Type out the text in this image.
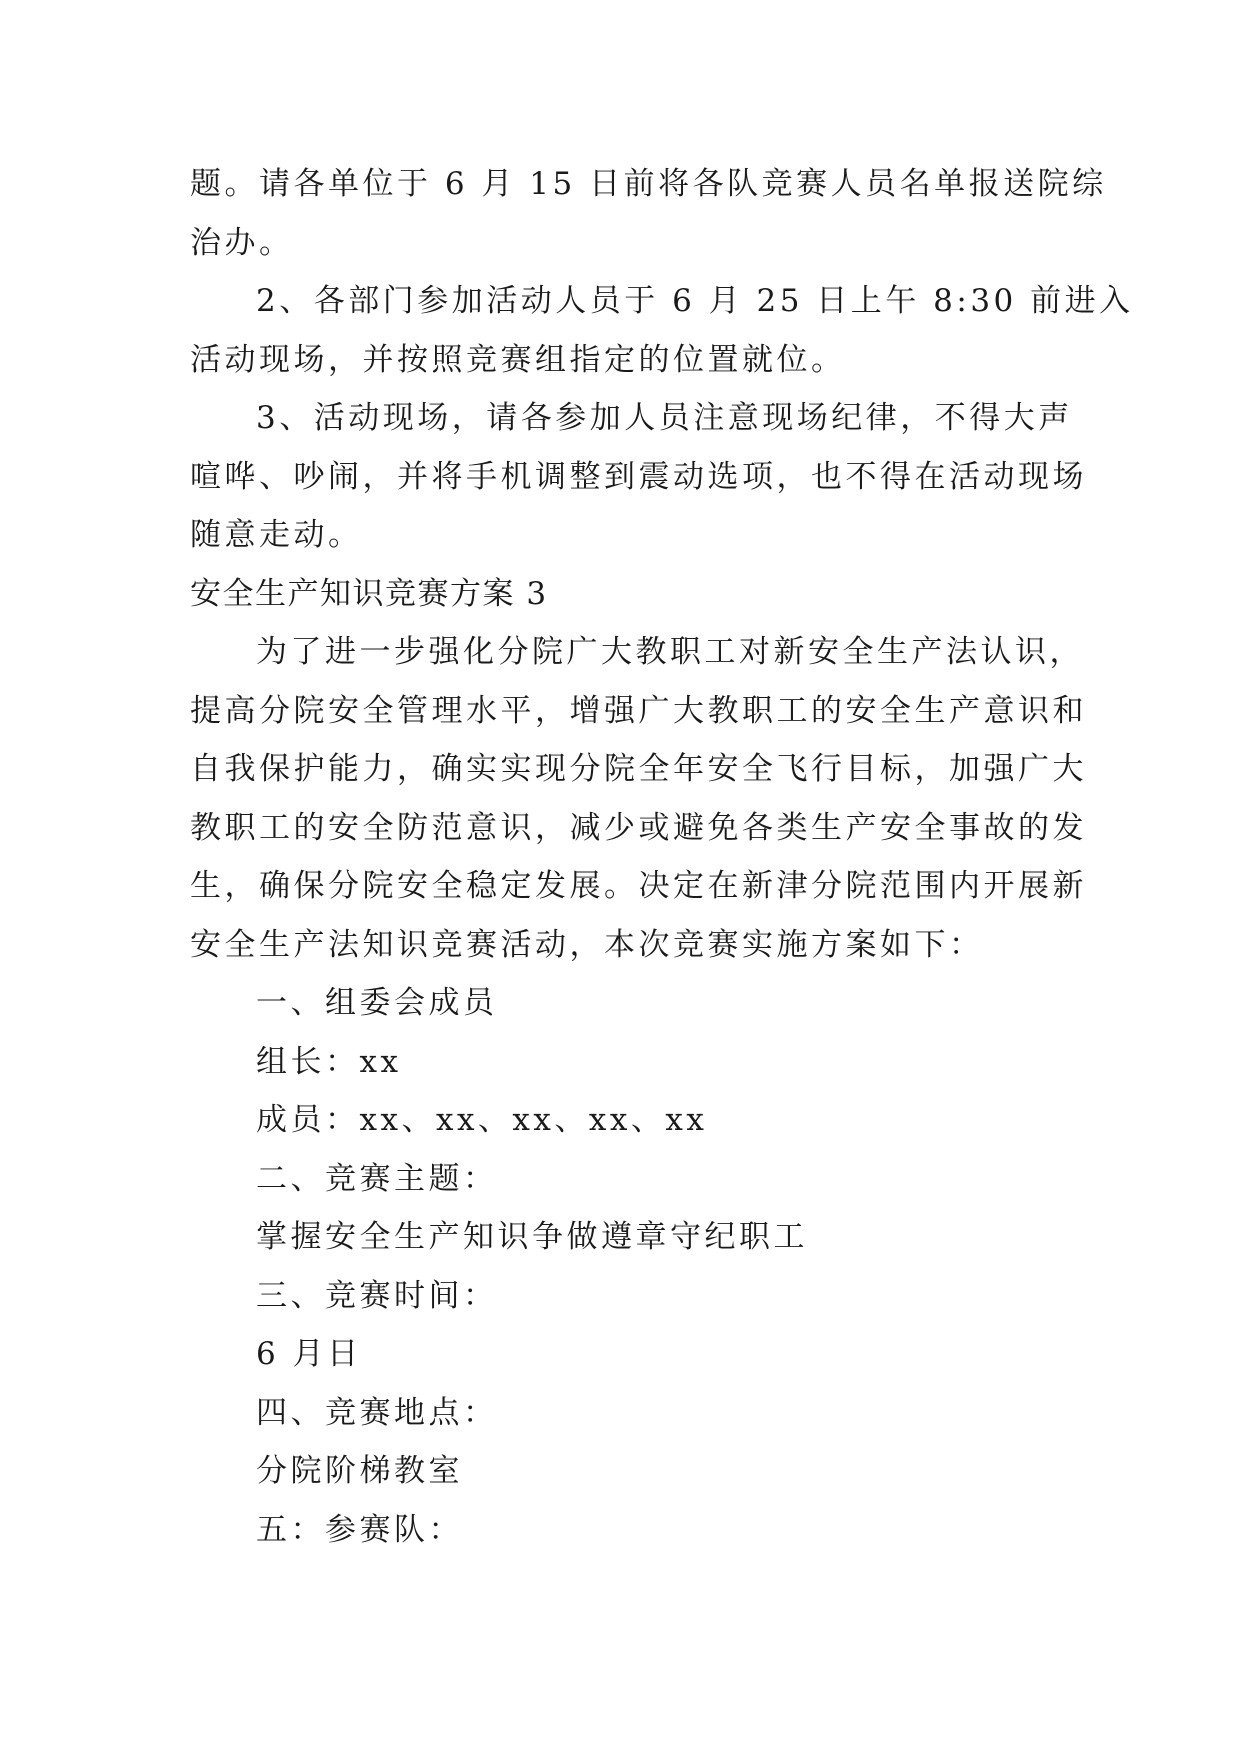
题。请各单位于 6 月 15 日前将各队竞赛人员名单报送院综

治办。

2、各部门参加活动人员于 6 月 25 日上午 8:30 前进入

活动现场，并按照竞赛组指定的位置就位。

3、活动现场，请各参加人员注意现场纪律，不得大声

喧哗、吵闹，并将手机调整到震动选项，也不得在活动现场

随意走动。

安全生产知识竞赛方案 3

为了进一步强化分院广大教职工对新安全生产法认识，

提高分院安全管理水平，增强广大教职工的安全生产意识和

自我保护能力，确实实现分院全年安全飞行目标，加强广大

教职工的安全防范意识，减少或避免各类生产安全事故的发

生，确保分院安全稳定发展。决定在新津分院范围内开展新

安全生产法知识竞赛活动，本次竞赛实施方案如下：

一、组委会成员

组长：xx

成员：xx、xx、xx、xx、xx

二、竞赛主题：

掌握安全生产知识争做遵章守纪职工

三、竞赛时间：

6 月日

四、竞赛地点：

分院阶梯教室

五：参赛队：
